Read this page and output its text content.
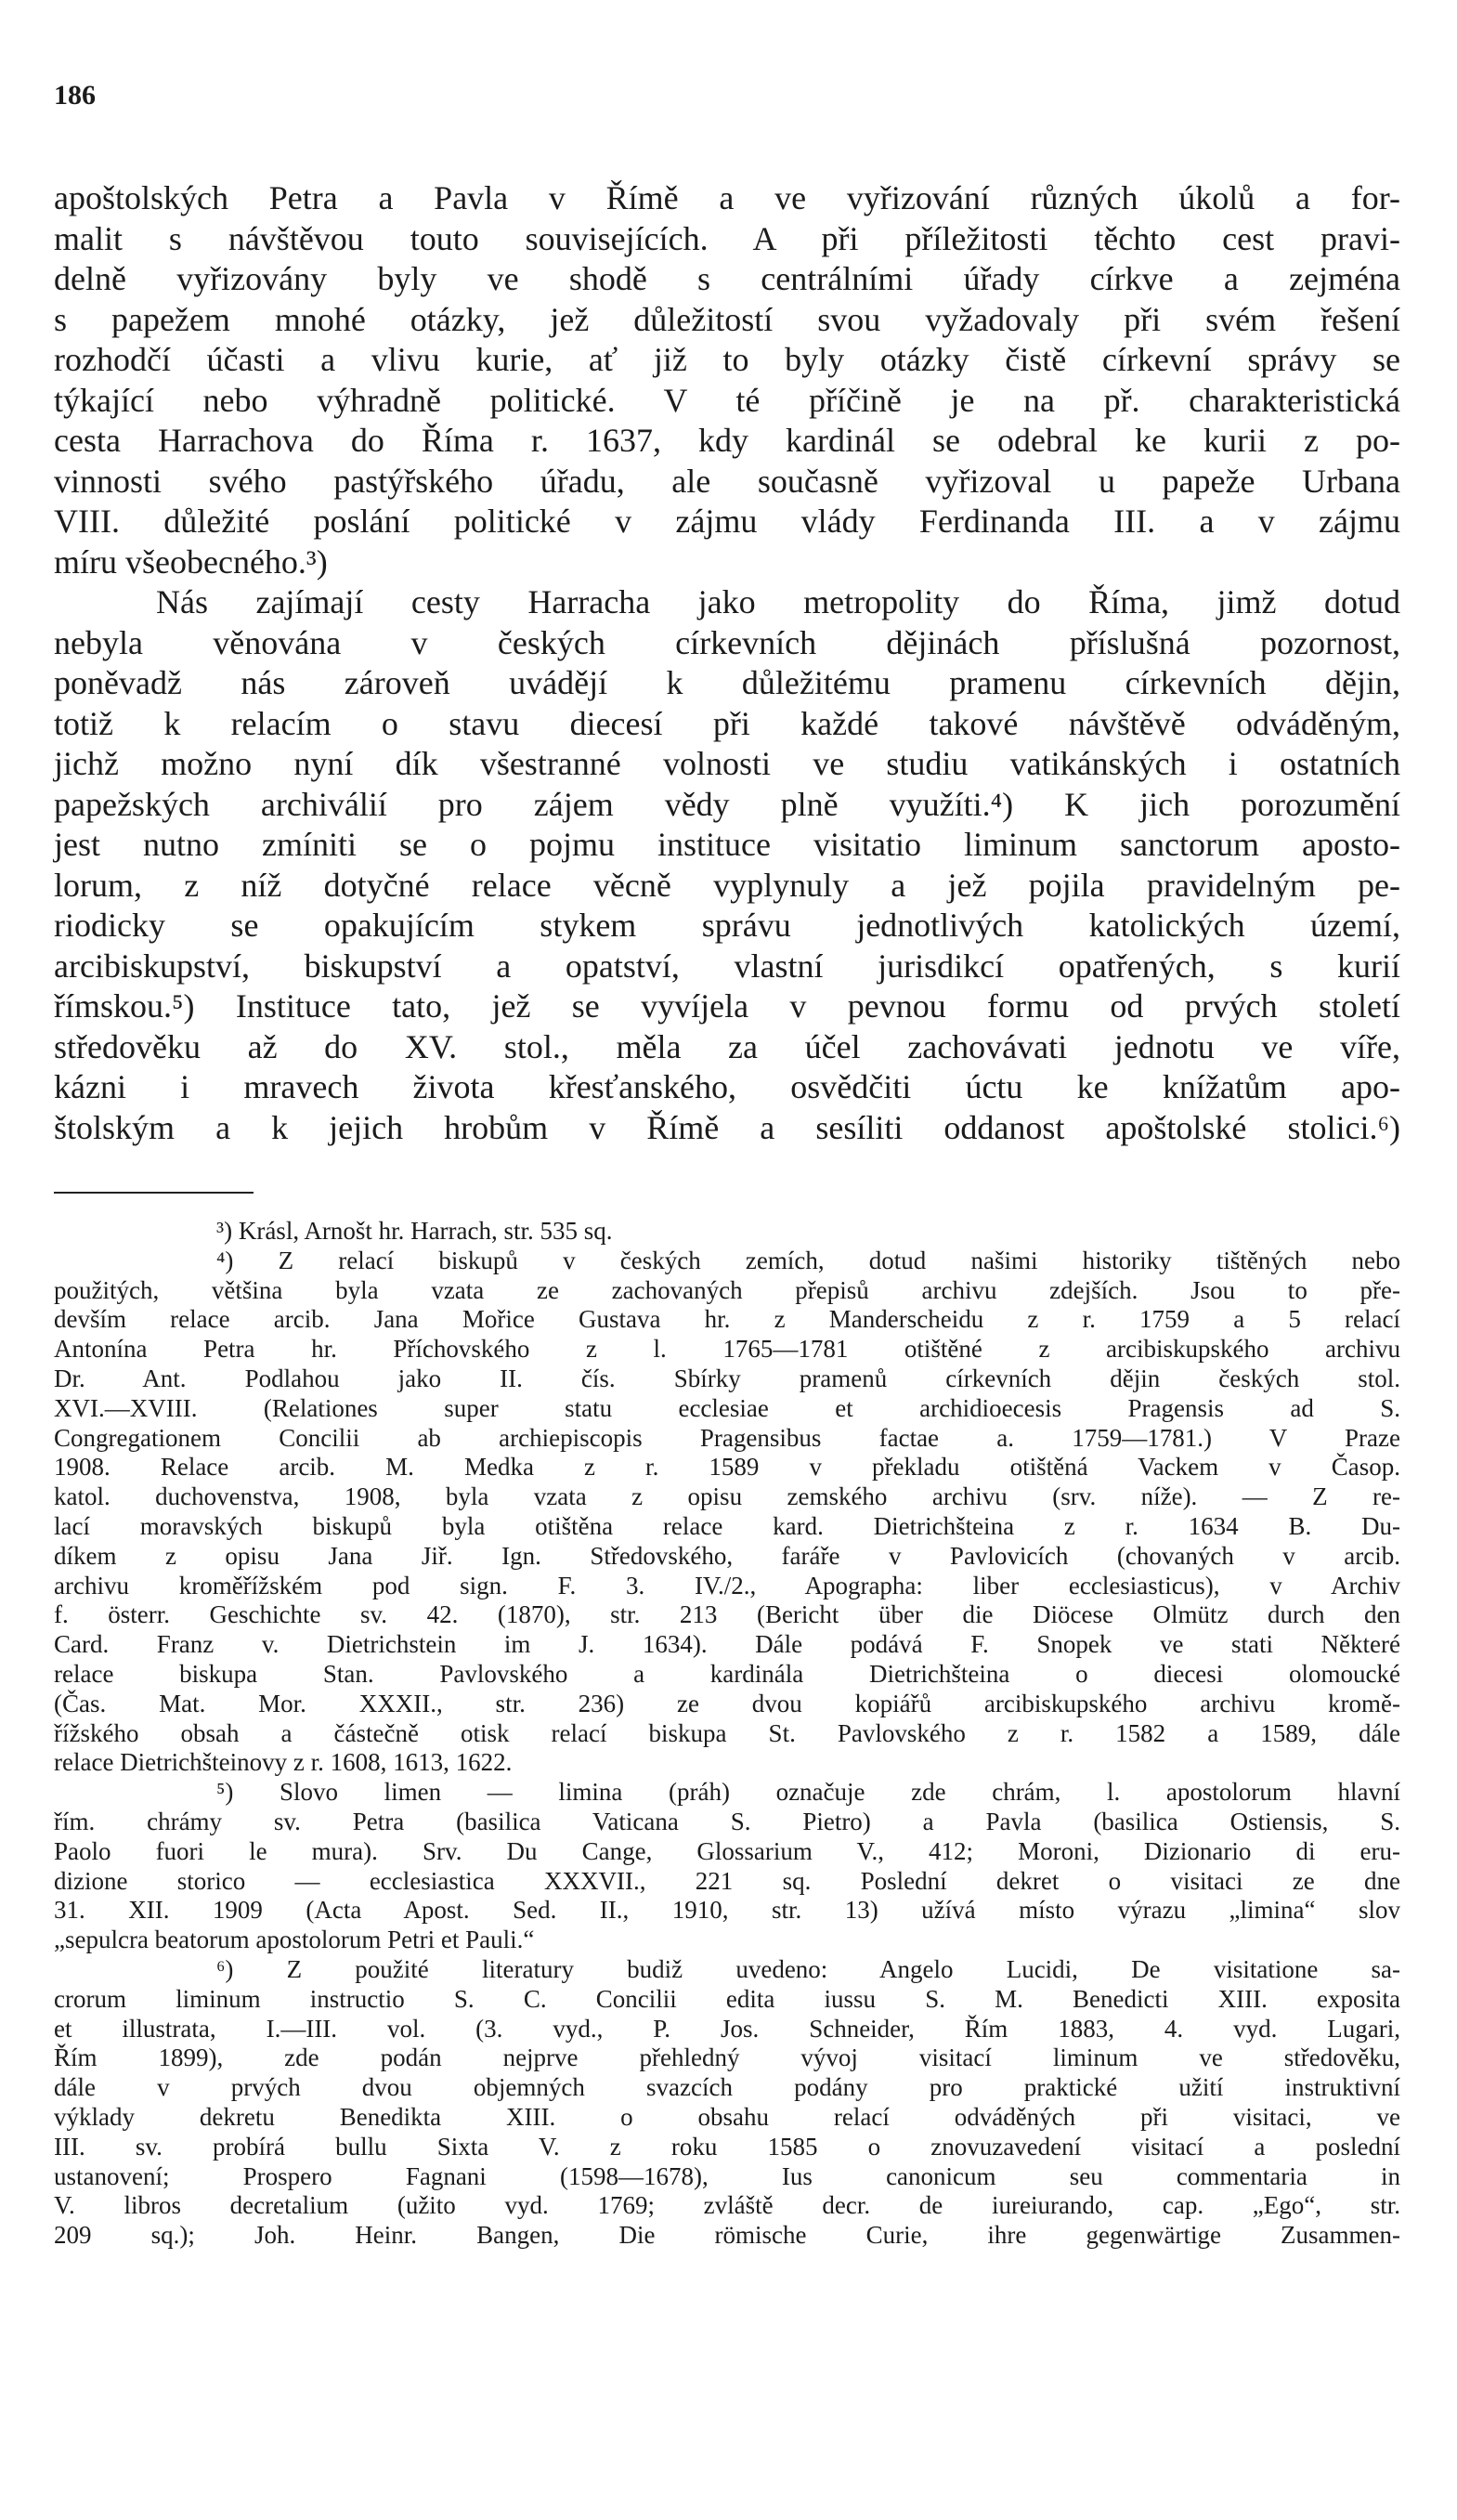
186
apoštolských Petra a Pavla v Římě a ve vyřizování různých úkolů a for-
malit s návštěvou touto souvisejících. A při příležitosti těchto cest pravi-
delně vyřizovány byly ve shodě s centrálními úřady církve a zejména
s papežem mnohé otázky, jež důležitostí svou vyžadovaly při svém řešení
rozhodčí účasti a vlivu kurie, ať již to byly otázky čistě církevní správy se
týkající nebo výhradně politické. V té příčině je na př. charakteristická
cesta Harrachova do Říma r. 1637, kdy kardinál se odebral ke kurii z po-
vinnosti svého pastýřského úřadu, ale současně vyřizoval u papeže Urbana
VIII. důležité poslání politické v zájmu vlády Ferdinanda III. a v zájmu
míru všeobecného.³)
Nás zajímají cesty Harracha jako metropolity do Říma, jimž dotud
nebyla věnována v českých církevních dějinách příslušná pozornost,
poněvadž nás zároveň uvádějí k důležitému pramenu církevních dějin,
totiž k relacím o stavu diecesí při každé takové návštěvě odváděným,
jichž možno nyní dík všestranné volnosti ve studiu vatikánských i ostatních
papežských archiválií pro zájem vědy plně využíti.⁴) K jich porozumění
jest nutno zmíniti se o pojmu instituce visitatio liminum sanctorum aposto-
lorum, z níž dotyčné relace věcně vyplynuly a jež pojila pravidelným pe-
riodicky se opakujícím stykem správu jednotlivých katolických území,
arcibiskupství, biskupství a opatství, vlastní jurisdikcí opatřených, s kurií
římskou.⁵) Instituce tato, jež se vyvíjela v pevnou formu od prvých století
středověku až do XV. stol., měla za účel zachovávati jednotu ve víře,
kázni i mravech života křesťanského, osvědčiti úctu ke knížatům apo-
štolským a k jejich hrobům v Římě a sesíliti oddanost apoštolské stolici.⁶)
³) Krásl, Arnošt hr. Harrach, str. 535 sq.
⁴) Z relací biskupů v českých zemích, dotud našimi historiky tištěných nebo
použitých, většina byla vzata ze zachovaných přepisů archivu zdejších. Jsou to pře-
devším relace arcib. Jana Mořice Gustava hr. z Manderscheidu z r. 1759 a 5 relací
Antonína Petra hr. Příchovského z l. 1765—1781 otištěné z arcibiskupského archivu
Dr. Ant. Podlahou jako II. čís. Sbírky pramenů církevních dějin českých stol.
XVI.—XVIII. (Relationes super statu ecclesiae et archidioecesis Pragensis ad S.
Congregationem Concilii ab archiepiscopis Pragensibus factae a. 1759—1781.) V Praze
1908. Relace arcib. M. Medka z r. 1589 v překladu otištěná Vackem v Časop.
katol. duchovenstva, 1908, byla vzata z opisu zemského archivu (srv. níže). — Z re-
lací moravských biskupů byla otištěna relace kard. Dietrichšteina z r. 1634 B. Du-
díkem z opisu Jana Jiř. Ign. Středovského, faráře v Pavlovicích (chovaných v arcib.
archivu kroměřížském pod sign. F. 3. IV./2., Apographa: liber ecclesiasticus), v Archiv
f. österr. Geschichte sv. 42. (1870), str. 213 (Bericht über die Diöcese Olmütz durch den
Card. Franz v. Dietrichstein im J. 1634). Dále podává F. Snopek ve stati Některé
relace biskupa Stan. Pavlovského a kardinála Dietrichšteina o diecesi olomoucké
(Čas. Mat. Mor. XXXII., str. 236) ze dvou kopiářů arcibiskupského archivu kromě-
řížského obsah a částečně otisk relací biskupa St. Pavlovského z r. 1582 a 1589, dále
relace Dietrichšteinovy z r. 1608, 1613, 1622.
⁵) Slovo limen — limina (práh) označuje zde chrám, l. apostolorum hlavní
řím. chrámy sv. Petra (basilica Vaticana S. Pietro) a Pavla (basilica Ostiensis, S.
Paolo fuori le mura). Srv. Du Cange, Glossarium V., 412; Moroni, Dizionario di eru-
dizione storico — ecclesiastica XXXVII., 221 sq. Poslední dekret o visitaci ze dne
31. XII. 1909 (Acta Apost. Sed. II., 1910, str. 13) užívá místo výrazu „limina“ slov
„sepulcra beatorum apostolorum Petri et Pauli.“
⁶) Z použité literatury budiž uvedeno: Angelo Lucidi, De visitatione sa-
crorum liminum instructio S. C. Concilii edita iussu S. M. Benedicti XIII. exposita
et illustrata, I.—III. vol. (3. vyd., P. Jos. Schneider, Řím 1883, 4. vyd. Lugari,
Řím 1899), zde podán nejprve přehledný vývoj visitací liminum ve středověku,
dále v prvých dvou objemných svazcích podány pro praktické užití instruktivní
výklady dekretu Benedikta XIII. o obsahu relací odváděných při visitaci, ve
III. sv. probírá bullu Sixta V. z roku 1585 o znovuzavedení visitací a poslední
ustanovení; Prospero Fagnani (1598—1678), Ius canonicum seu commentaria in
V. libros decretalium (užito vyd. 1769; zvláště decr. de iureiurando, cap. „Ego“, str.
209 sq.); Joh. Heinr. Bangen, Die römische Curie, ihre gegenwärtige Zusammen-
